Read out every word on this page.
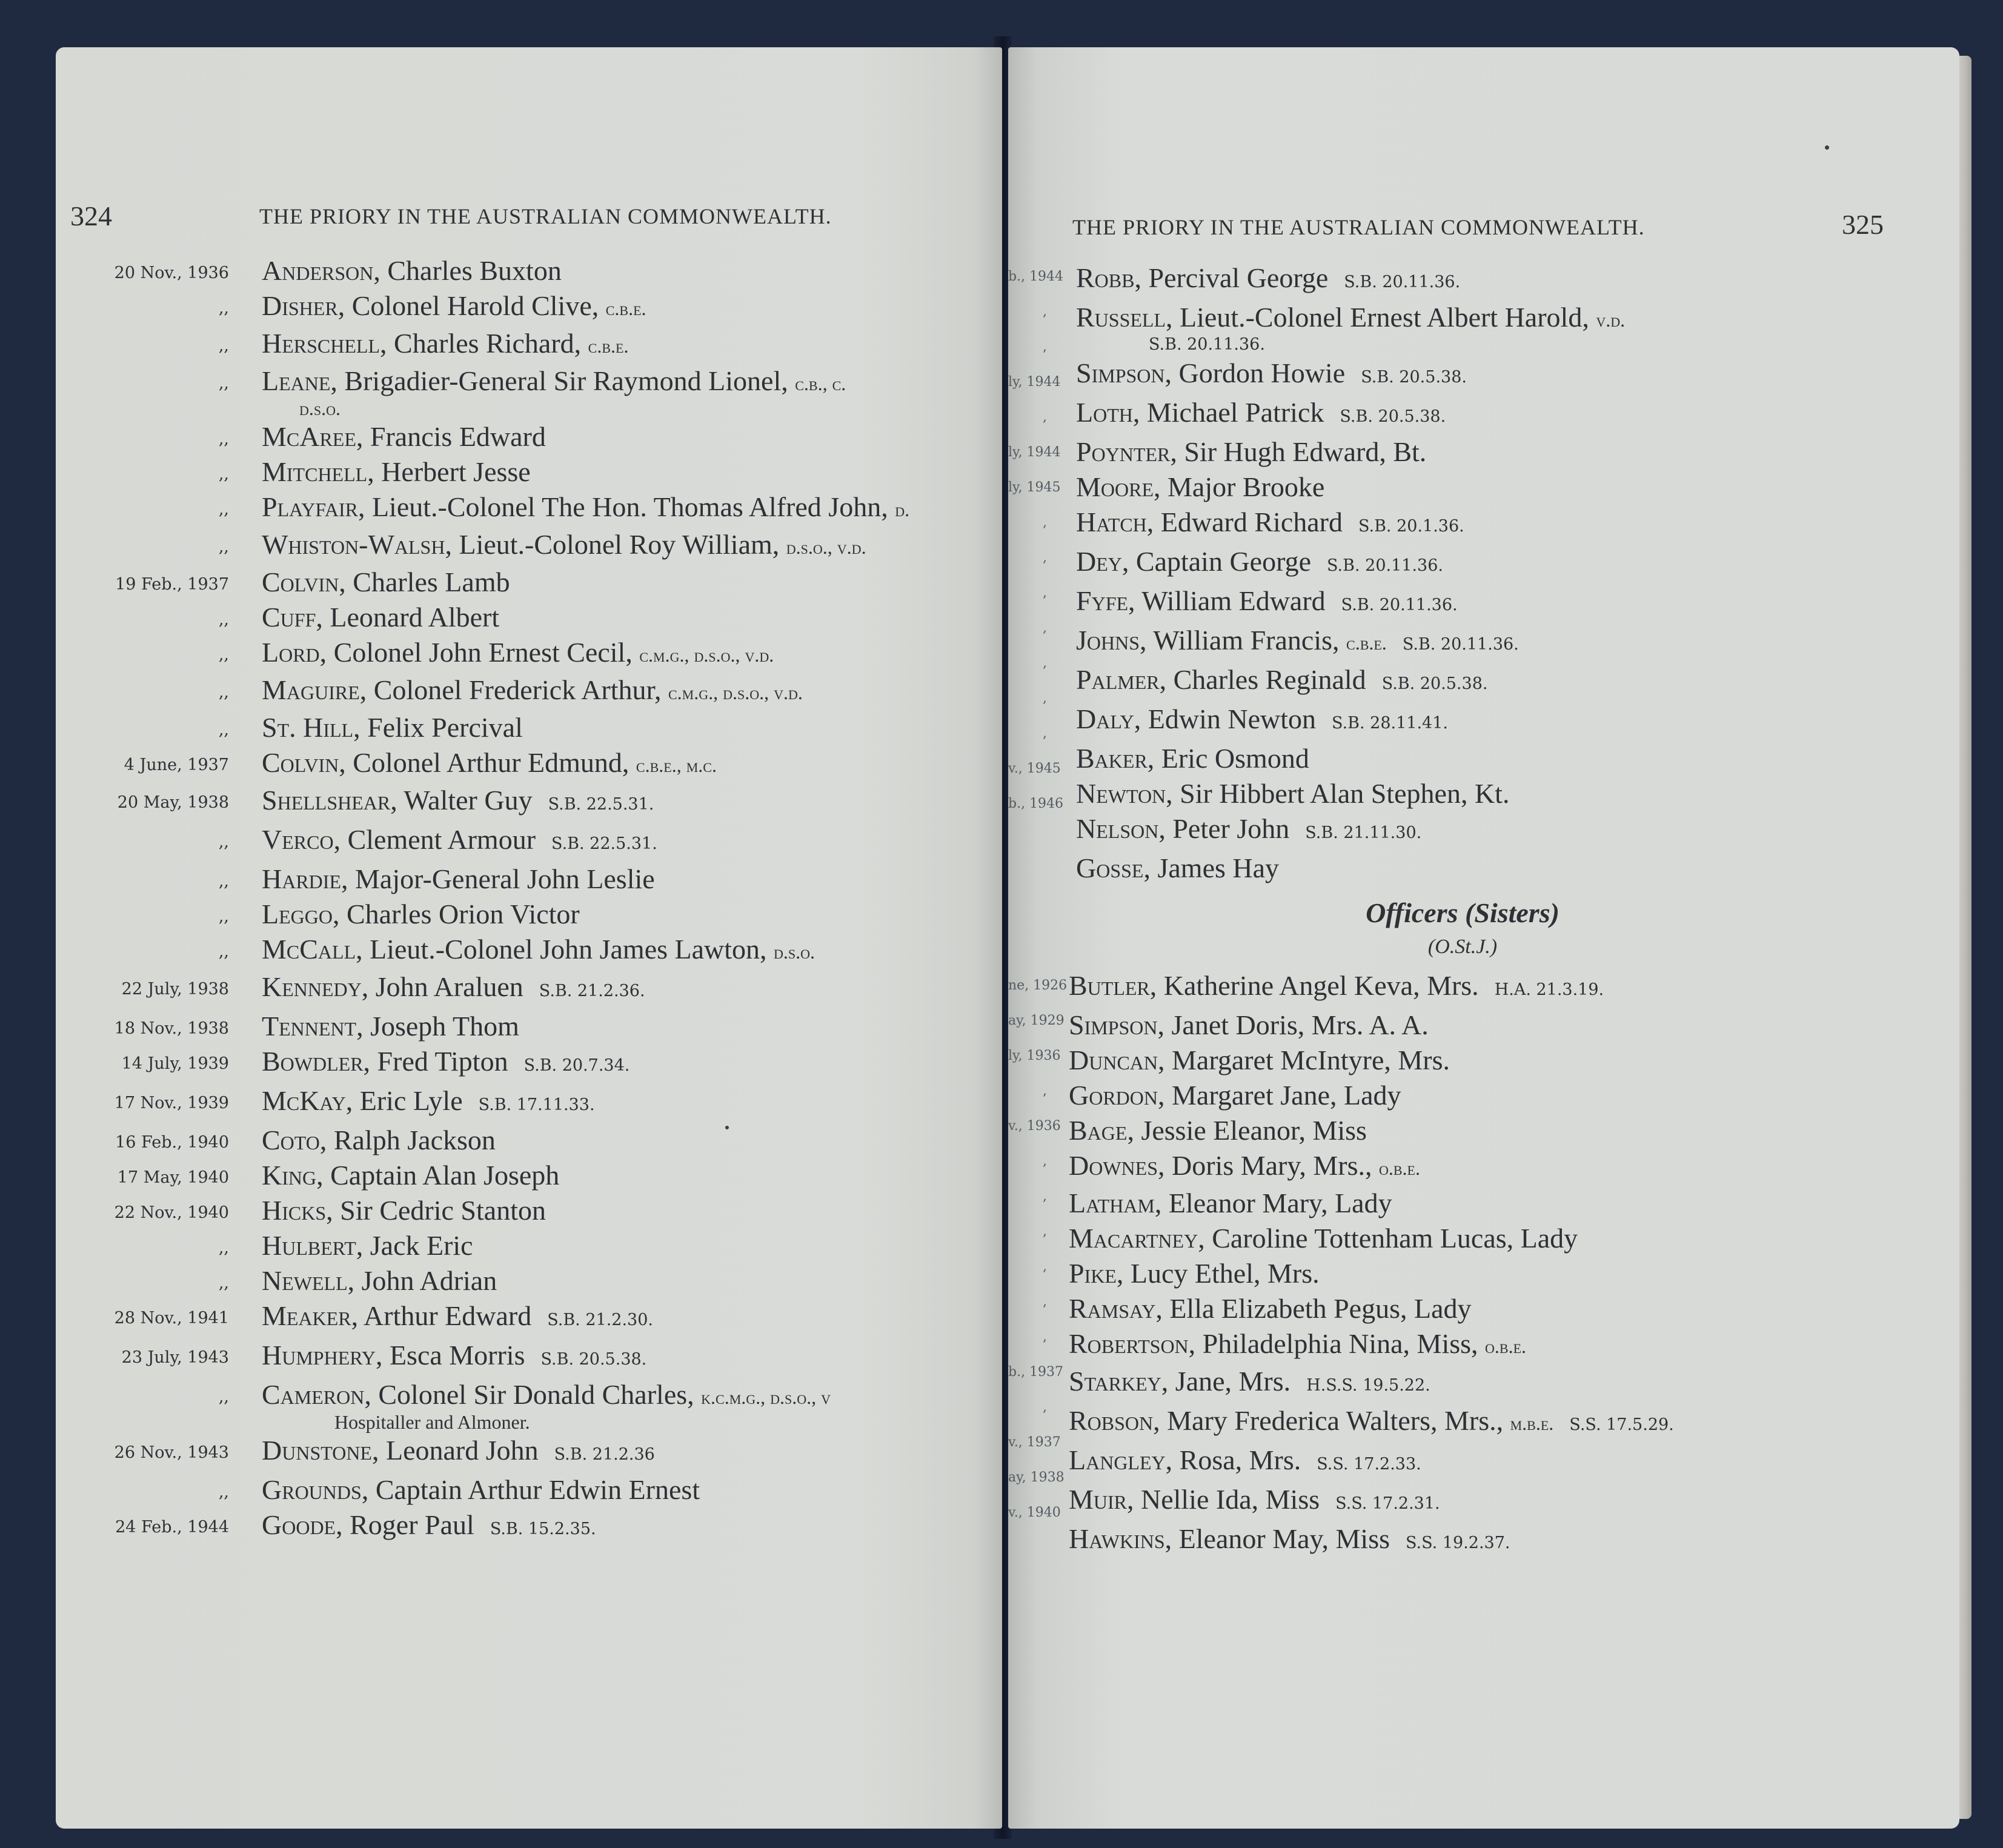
324	THE PRIORY IN THE AUSTRALIAN COMMONWEALTH.
20 Nov., 1936 Anderson, Charles Buxton
,, Disher, Colonel Harold Clive, c.b.e.
,, Herschell, Charles Richard, c.b.e.
,, Leane, Brigadier-General Sir Raymond Lionel, c.b., c.
d.s.o.
,, McAree, Francis Edward
,, Mitchell, Herbert Jesse
,, Playfair, Lieut.-Colonel The Hon. Thomas Alfred John, d.
,, Whiston-Walsh, Lieut.-Colonel Roy William, d.s.o., v.d.
19 Feb., 1937 Colvin, Charles Lamb
,, Cuff, Leonard Albert
,, Lord, Colonel John Ernest Cecil, c.m.g., d.s.o., v.d.
,, Maguire, Colonel Frederick Arthur, c.m.g., d.s.o., v.d.
,, St. Hill, Felix Percival
4 June, 1937 Colvin, Colonel Arthur Edmund, c.b.e., m.c.
20 May, 1938 Shellshear, Walter Guy S.B. 22.5.31.
,, Verco, Clement Armour S.B. 22.5.31.
,, Hardie, Major-General John Leslie
,, Leggo, Charles Orion Victor
,, McCall, Lieut.-Colonel John James Lawton, d.s.o.
22 July, 1938 Kennedy, John Araluen S.B. 21.2.36.
18 Nov., 1938 Tennent, Joseph Thom
14 July, 1939 Bowdler, Fred Tipton S.B. 20.7.34.
17 Nov., 1939 McKay, Eric Lyle S.B. 17.11.33.
16 Feb., 1940 Coto, Ralph Jackson
17 May, 1940 King, Captain Alan Joseph
22 Nov., 1940 Hicks, Sir Cedric Stanton
,, Hulbert, Jack Eric
,, Newell, John Adrian
28 Nov., 1941 Meaker, Arthur Edward S.B. 21.2.30.
23 July, 1943 Humphery, Esca Morris S.B. 20.5.38.
,, Cameron, Colonel Sir Donald Charles, k.c.m.g., d.s.o., v
Hospitaller and Almoner.
26 Nov., 1943 Dunstone, Leonard John S.B. 21.2.36
,, Grounds, Captain Arthur Edwin Ernest
24 Feb., 1944 Goode, Roger Paul S.B. 15.2.35.
THE PRIORY IN THE AUSTRALIAN COMMONWEALTH.	325
b., 1944
,
,
ly, 1944
,
ly, 1944
ly, 1945
,
,
,
,
,
,
,
v., 1945
b., 1946
ne, 1926
ay, 1929
ly, 1936
,
v., 1936
,
,
,
,
,
,
b., 1937
,
v., 1937
ay, 1938
v., 1940
Robb, Percival George S.B. 20.11.36.
Russell, Lieut.-Colonel Ernest Albert Harold, v.d.
S.B. 20.11.36.
Simpson, Gordon Howie S.B. 20.5.38.
Loth, Michael Patrick S.B. 20.5.38.
Poynter, Sir Hugh Edward, Bt.
Moore, Major Brooke
Hatch, Edward Richard S.B. 20.1.36.
Dey, Captain George S.B. 20.11.36.
Fyfe, William Edward S.B. 20.11.36.
Johns, William Francis, c.b.e. S.B. 20.11.36.
Palmer, Charles Reginald S.B. 20.5.38.
Daly, Edwin Newton S.B. 28.11.41.
Baker, Eric Osmond
Newton, Sir Hibbert Alan Stephen, Kt.
Nelson, Peter John S.B. 21.11.30.
Gosse, James Hay
Officers (Sisters)
(O.St.J.)
Butler, Katherine Angel Keva, Mrs. H.A. 21.3.19.
Simpson, Janet Doris, Mrs. A. A.
Duncan, Margaret McIntyre, Mrs.
Gordon, Margaret Jane, Lady
Bage, Jessie Eleanor, Miss
Downes, Doris Mary, Mrs., o.b.e.
Latham, Eleanor Mary, Lady
Macartney, Caroline Tottenham Lucas, Lady
Pike, Lucy Ethel, Mrs.
Ramsay, Ella Elizabeth Pegus, Lady
Robertson, Philadelphia Nina, Miss, o.b.e.
Starkey, Jane, Mrs. H.S.S. 19.5.22.
Robson, Mary Frederica Walters, Mrs., m.b.e. S.S. 17.5.29.
Langley, Rosa, Mrs. S.S. 17.2.33.
Muir, Nellie Ida, Miss S.S. 17.2.31.
Hawkins, Eleanor May, Miss S.S. 19.2.37.
